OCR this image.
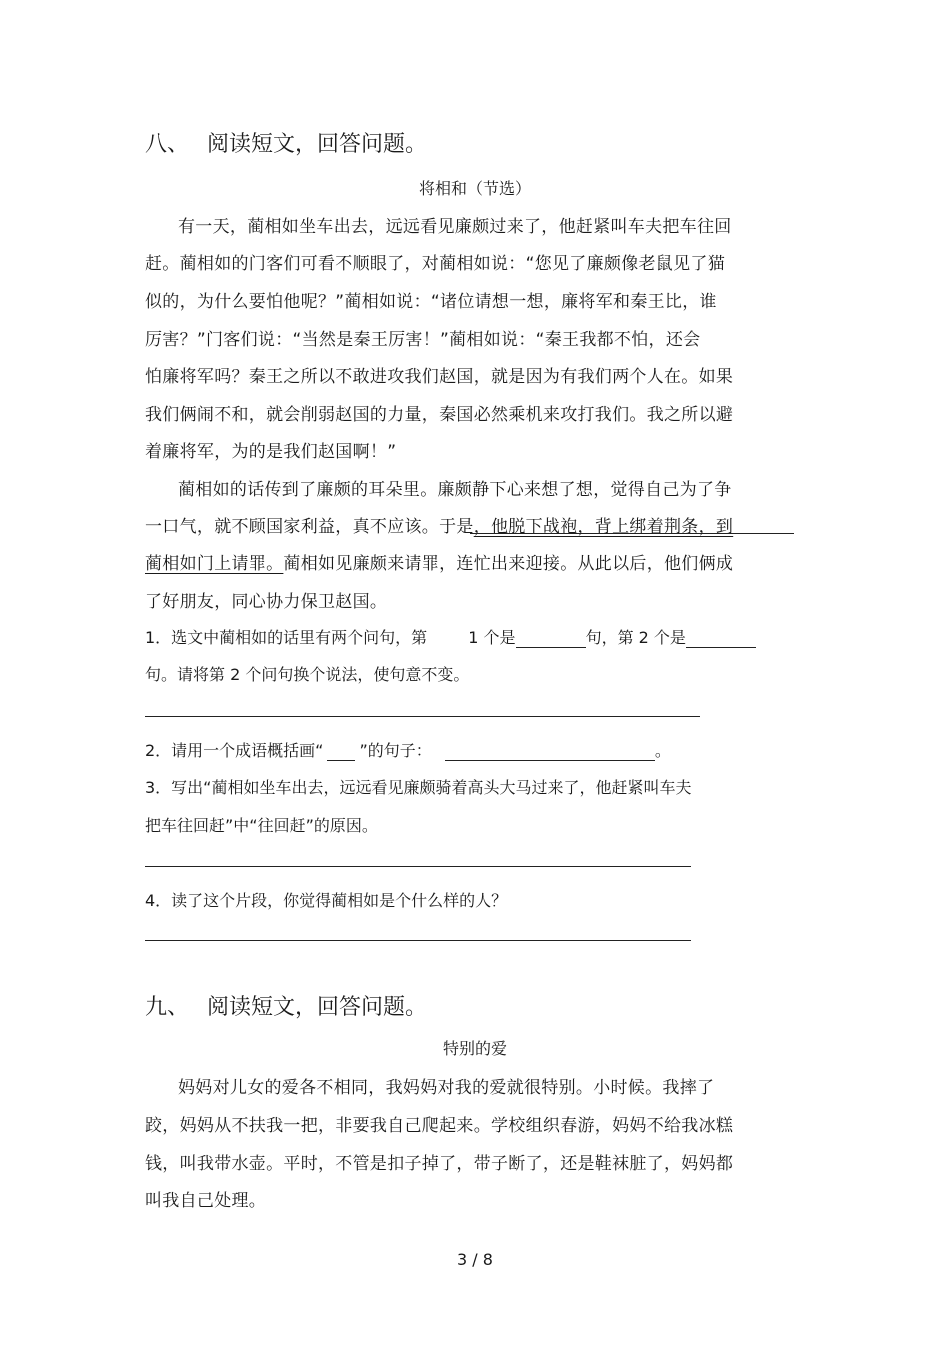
八、 阅读短文，回答问题。
将相和（节选）
有一天，蔺相如坐车出去，远远看见廉颇过来了，他赶紧叫车夫把车往回
赶。蔺相如的门客们可看不顺眼了，对蔺相如说：“您见了廉颇像老鼠见了猫
似的，为什么要怕他呢？”蔺相如说：“诸位请想一想，廉将军和秦王比，谁
厉害？”门客们说：“当然是秦王厉害！”蔺相如说：“秦王我都不怕，还会
怕廉将军吗？秦王之所以不敢进攻我们赵国，就是因为有我们两个人在。如果
我们俩闹不和，就会削弱赵国的力量，秦国必然乘机来攻打我们。我之所以避
着廉将军，为的是我们赵国啊！”
蔺相如的话传到了廉颇的耳朵里。廉颇静下心来想了想，觉得自己为了争
一口气，就不顾国家利益，真不应该。于是，他脱下战袍，背上绑着荆条，到
蔺相如门上请罪。蔺相如见廉颇来请罪，连忙出来迎接。从此以后，他们俩成
了好朋友，同心协力保卫赵国。
1．选文中蔺相如的话里有两个问句，第	1 个是	句，第 2 个是
句。请将第 2 个问句换个说法，使句意不变。
2．请用一个成语概括画“ ”的句子：	。
3．写出“蔺相如坐车出去，远远看见廉颇骑着高头大马过来了，他赶紧叫车夫
把车往回赶”中“往回赶”的原因。
4．读了这个片段，你觉得蔺相如是个什么样的人？
九、 阅读短文，回答问题。
特别的爱
妈妈对儿女的爱各不相同，我妈妈对我的爱就很特别。小时候。我摔了
跤，妈妈从不扶我一把，非要我自己爬起来。学校组织春游，妈妈不给我冰糕
钱，叫我带水壶。平时，不管是扣子掉了，带子断了，还是鞋袜脏了，妈妈都
叫我自己处理。
3 / 8
